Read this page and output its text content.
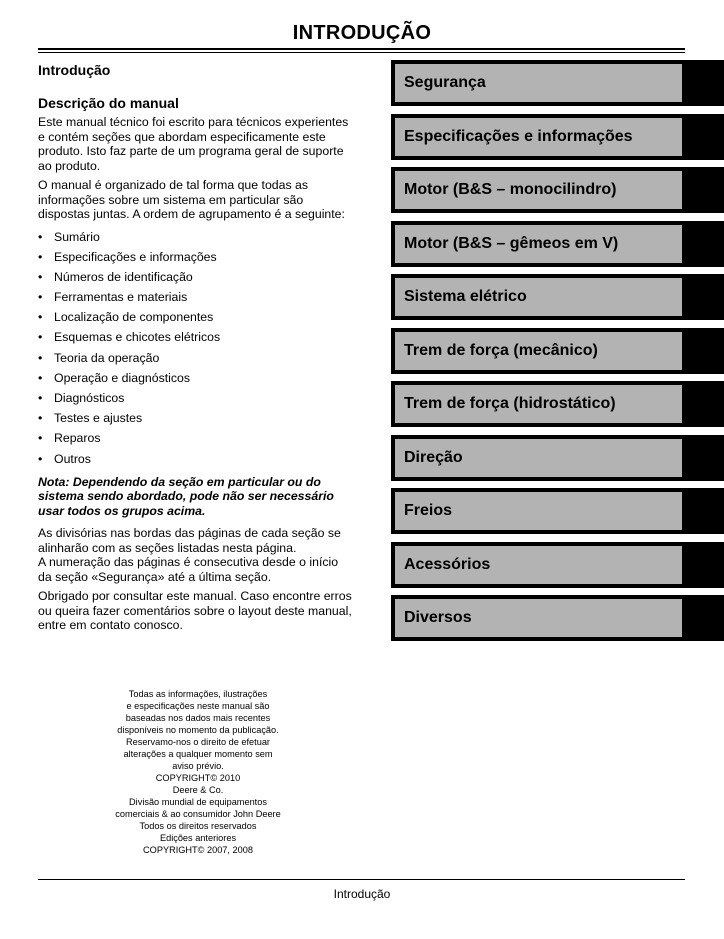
INTRODUÇÃO
Introdução
Descrição do manual

Este manual técnico foi escrito para técnicos experientes e contém seções que abordam especificamente este produto. Isto faz parte de um programa geral de suporte ao produto.

O manual é organizado de tal forma que todas as informações sobre um sistema em particular são dispostas juntas. A ordem de agrupamento é a seguinte:

• Sumário
• Especificações e informações
• Números de identificação
• Ferramentas e materiais
• Localização de componentes
• Esquemas e chicotes elétricos
• Teoria da operação
• Operação e diagnósticos
• Diagnósticos
• Testes e ajustes
• Reparos
• Outros

Nota: Dependendo da seção em particular ou do sistema sendo abordado, pode não ser necessário usar todos os grupos acima.

As divisórias nas bordas das páginas de cada seção se alinharão com as seções listadas nesta página.

A numeração das páginas é consecutiva desde o início da seção «Segurança» até a última seção.

Obrigado por consultar este manual. Caso encontre erros ou queira fazer comentários sobre o layout deste manual, entre em contato conosco.

Segurança
Especificações e informações
Motor (B&S – monocilindro)
Motor (B&S – gêmeos em V)
Sistema elétrico
Trem de força (mecânico)
Trem de força (hidrostático)
Direção
Freios
Acessórios
Diversos
Todas as informações, ilustrações
e especificações neste manual são
baseadas nos dados mais recentes
disponíveis no momento da publicação.
Reservamo-nos o direito de efetuar
alterações a qualquer momento sem
aviso prévio.
COPYRIGHT© 2010
Deere & Co.
Divisão mundial de equipamentos
comerciais & ao consumidor John Deere
Todos os direitos reservados
Edições anteriores
COPYRIGHT© 2007, 2008
Introdução
